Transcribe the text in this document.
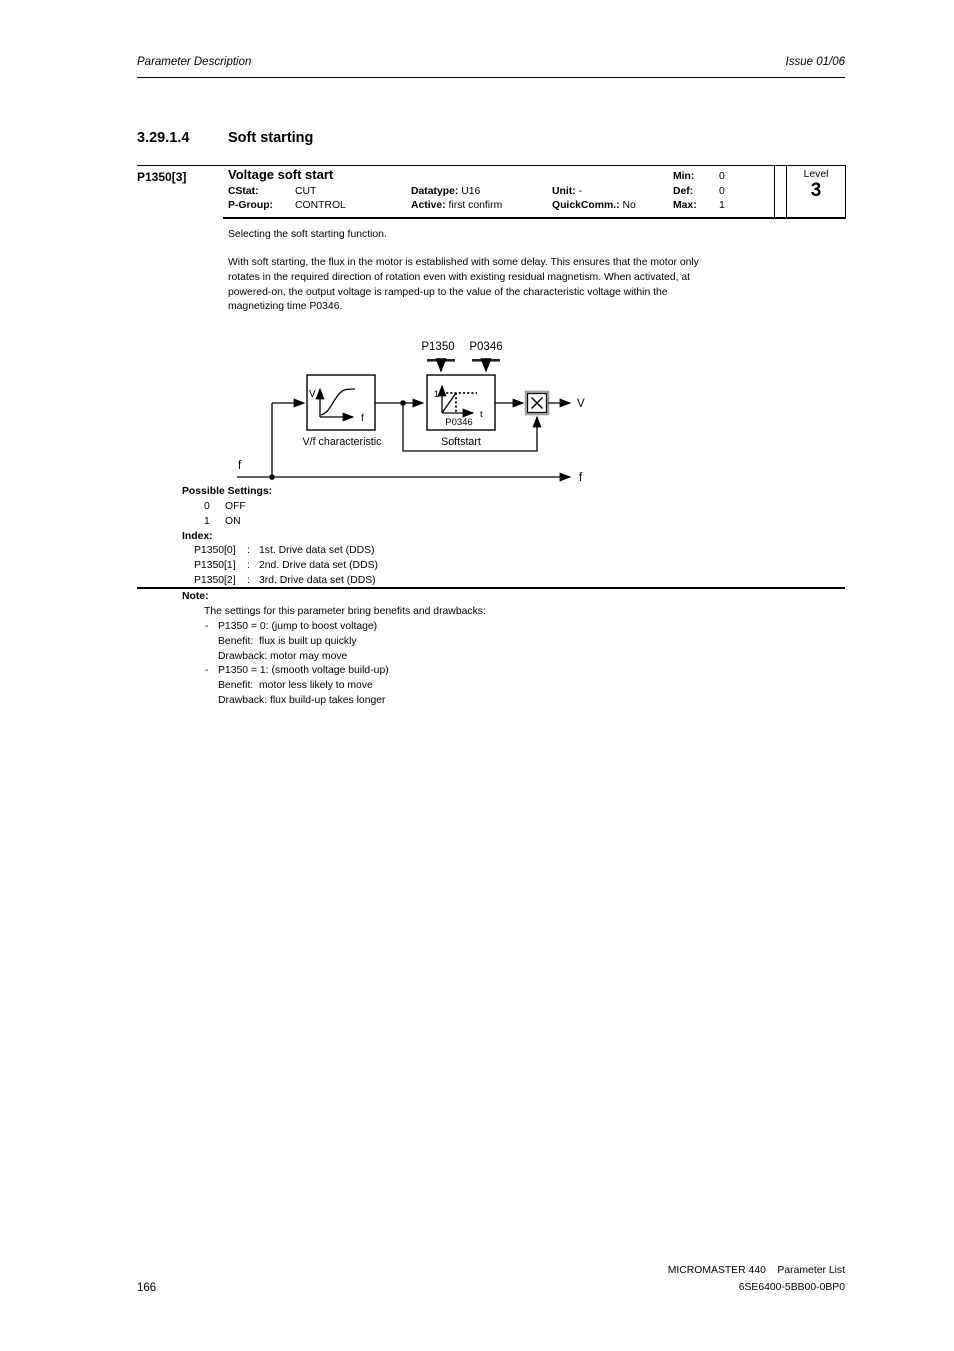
Parameter Description	Issue 01/06
3.29.1.4	Soft starting
P1350[3]	Voltage soft start	Min: 0
CStat:	CUT	Datatype: U16	Unit: -	Def: 0
P-Group: CONTROL	Active: first confirm	QuickComm.: No	Max: 1
Level
3
Selecting the soft starting function.
With soft starting, the flux in the motor is established with some delay. This ensures that the motor only
rotates in the required direction of rotation even with existing residual magnetism. When activated, at
powered-on, the output voltage is ramped-up to the value of the characteristic voltage within the
magnetizing time P0346.
P1350 P0346
V
f
V/f characteristic
1
t
P0346
Softstart
V
f
f
Possible Settings:
0 OFF
1 ON
Index:
P1350[0] : 1st. Drive data set (DDS)
P1350[1] : 2nd. Drive data set (DDS)
P1350[2] : 3rd. Drive data set (DDS)
Note:
The settings for this parameter bring benefits and drawbacks:
- P1350 = 0: (jump to boost voltage)
Benefit:  flux is built up quickly
Drawback: motor may move
- P1350 = 1: (smooth voltage build-up)
Benefit:  motor less likely to move
Drawback: flux build-up takes longer
166
MICROMASTER 440    Parameter List
6SE6400-5BB00-0BP0
